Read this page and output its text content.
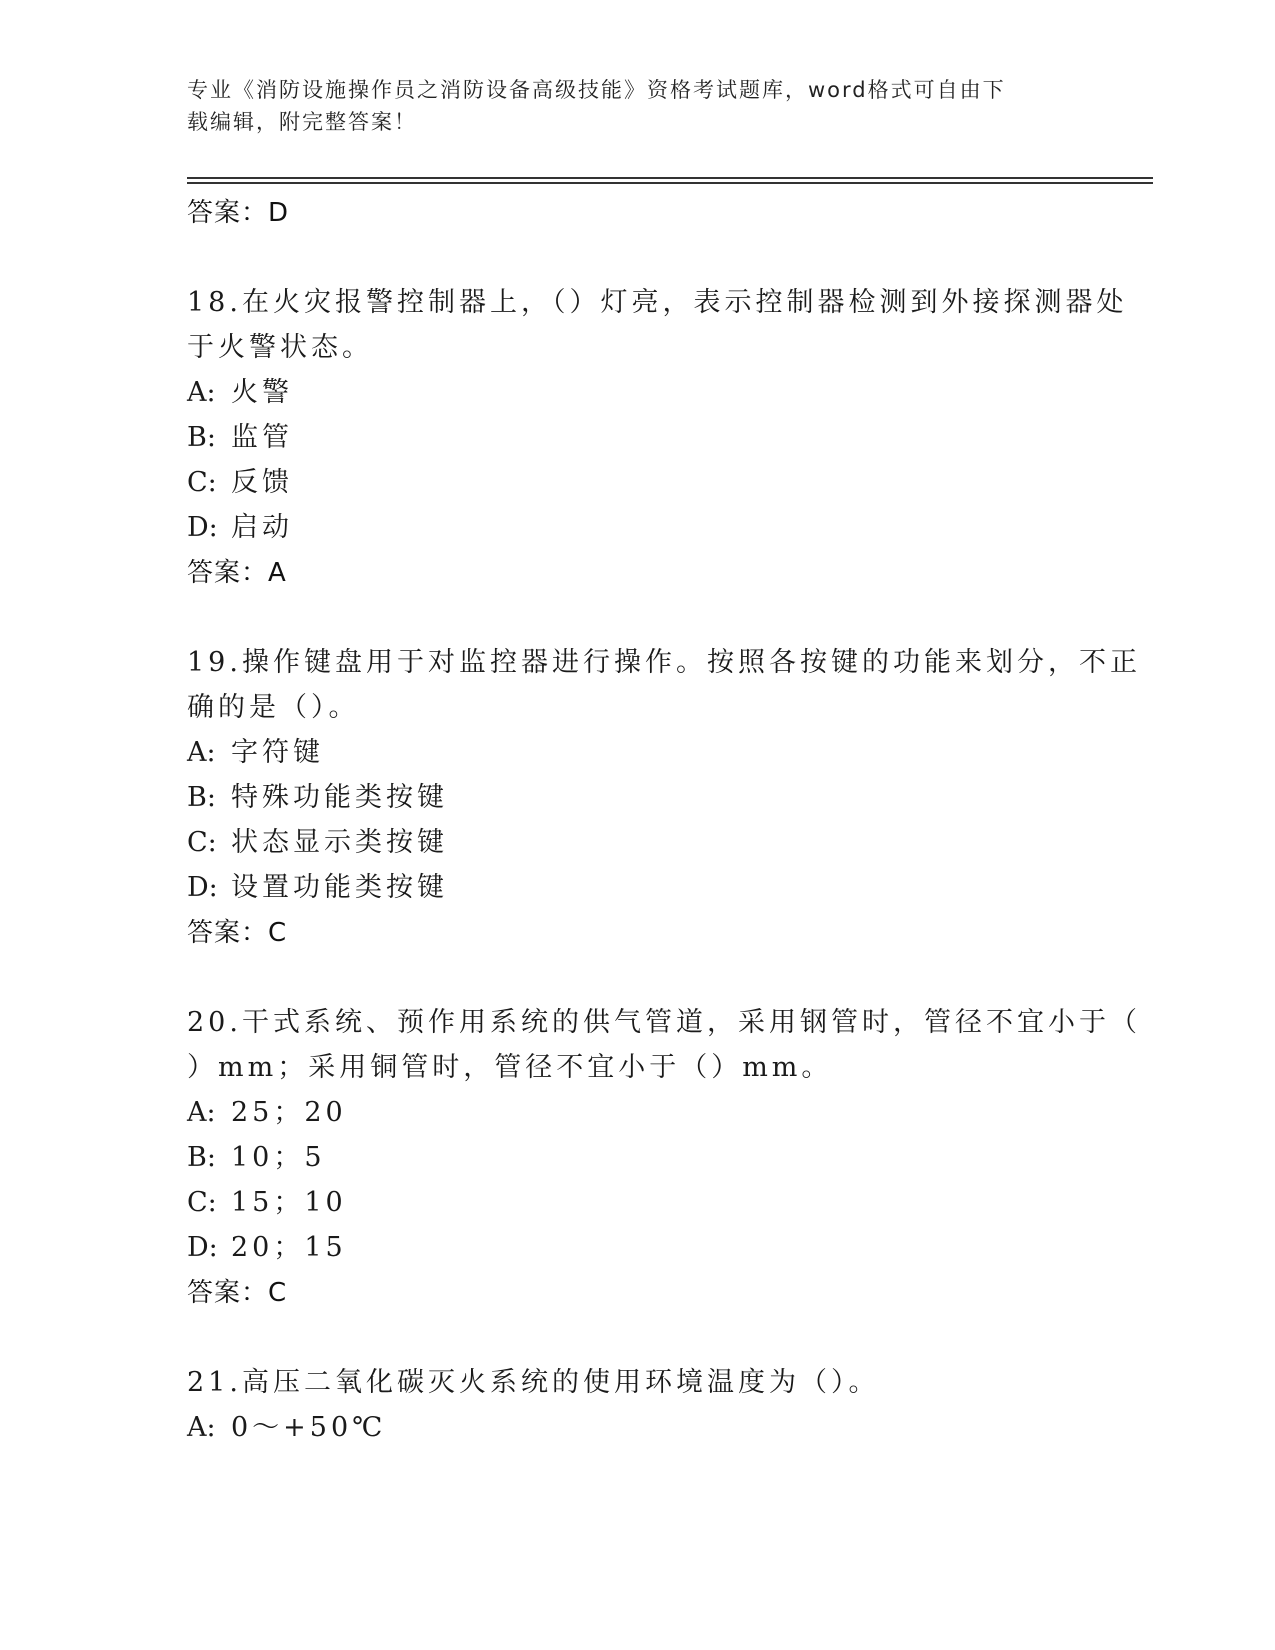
专业《消防设施操作员之消防设备高级技能》资格考试题库，word格式可自由下
载编辑，附完整答案！
答案：D
18.在火灾报警控制器上，（）灯亮，表示控制器检测到外接探测器处
于火警状态。
A: 火警
B: 监管
C: 反馈
D: 启动
答案：A
19.操作键盘用于对监控器进行操作。按照各按键的功能来划分，不正
确的是（）。
A: 字符键
B: 特殊功能类按键
C: 状态显示类按键
D: 设置功能类按键
答案：C
20.干式系统、预作用系统的供气管道，采用钢管时，管径不宜小于（
）mm；采用铜管时，管径不宜小于（）mm。
A: 25；20
B: 10；5
C: 15；10
D: 20；15
答案：C
21.高压二氧化碳灭火系统的使用环境温度为（）。
A: 0～+50℃
